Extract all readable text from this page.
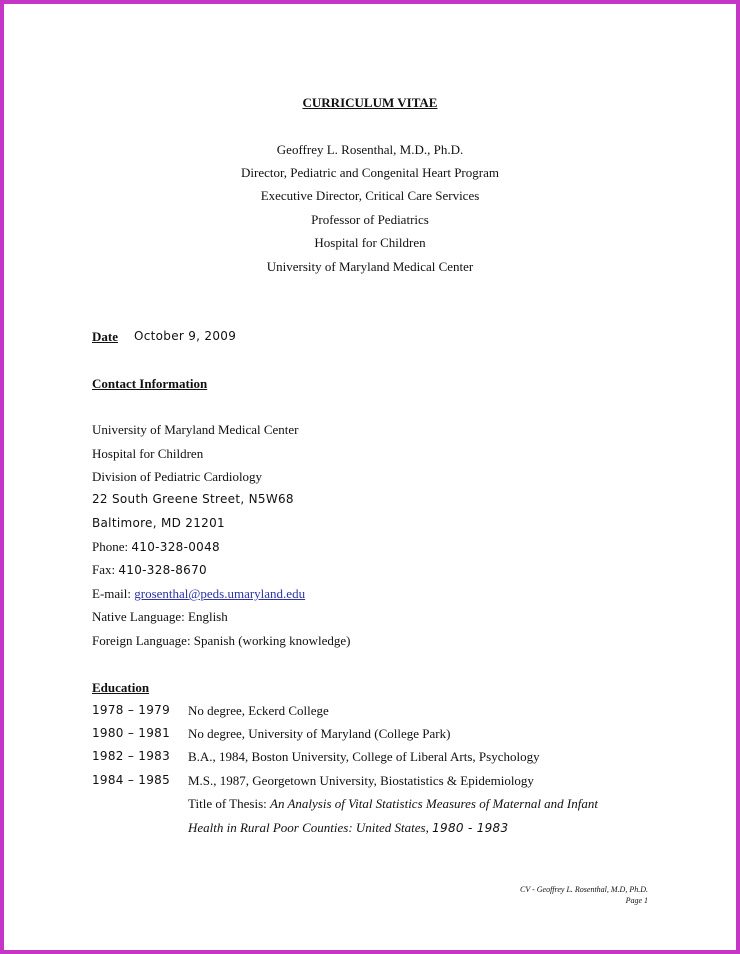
CURRICULUM VITAE
Geoffrey L. Rosenthal, M.D., Ph.D.
Director, Pediatric and Congenital Heart Program
Executive Director, Critical Care Services
Professor of Pediatrics
Hospital for Children
University of Maryland Medical Center
Date October 9, 2009
Contact Information
University of Maryland Medical Center
Hospital for Children
Division of Pediatric Cardiology
22 South Greene Street, N5W68
Baltimore, MD 21201
Phone: 410-328-0048
Fax: 410-328-8670
E-mail: grosenthal@peds.umaryland.edu
Native Language: English
Foreign Language: Spanish (working knowledge)
Education
1978 – 1979 No degree, Eckerd College
1980 – 1981 No degree, University of Maryland (College Park)
1982 – 1983 B.A., 1984, Boston University, College of Liberal Arts, Psychology
1984 – 1985 M.S., 1987, Georgetown University, Biostatistics & Epidemiology
Title of Thesis: An Analysis of Vital Statistics Measures of Maternal and Infant
Health in Rural Poor Counties: United States, 1980 - 1983
CV - Geoffrey L. Rosenthal, M.D, Ph.D.
Page 1
